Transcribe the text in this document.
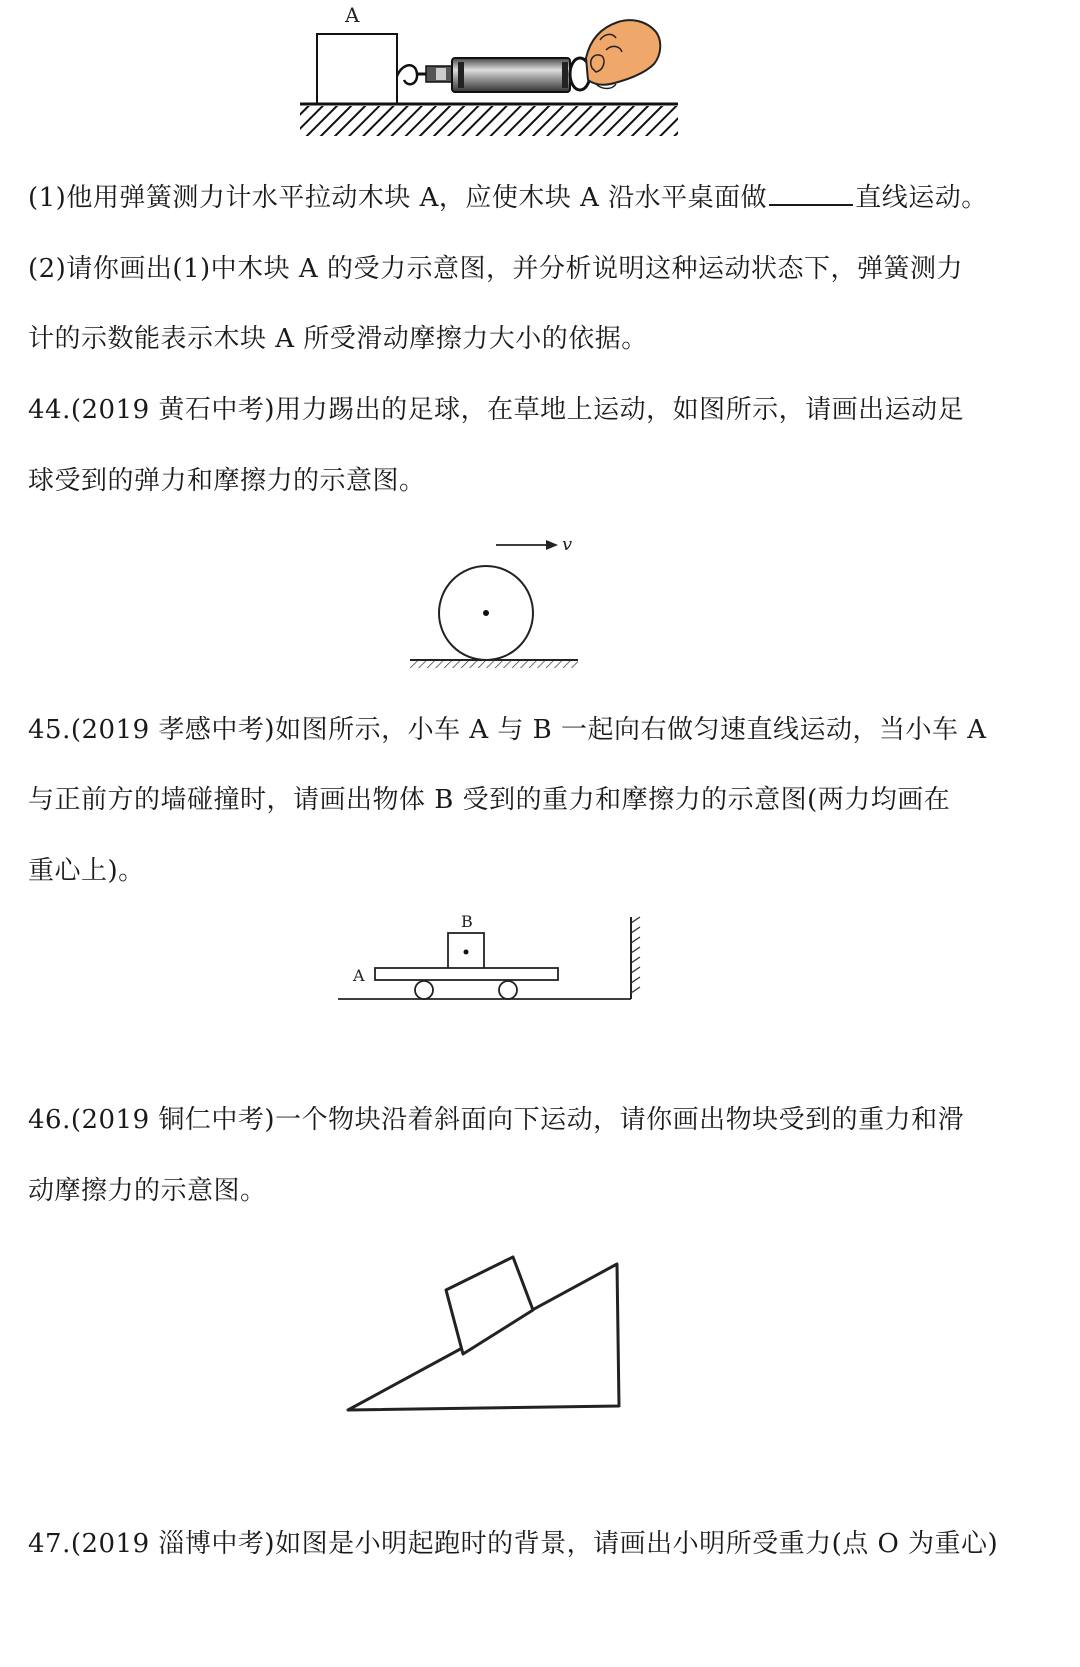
A
(1)他用弹簧测力计水平拉动木块 A，应使木块 A 沿水平桌面做	直线运动。
(2)请你画出(1)中木块 A 的受力示意图，并分析说明这种运动状态下，弹簧测力
计的示数能表示木块 A 所受滑动摩擦力大小的依据。
44.(2019 黄石中考)用力踢出的足球，在草地上运动，如图所示，请画出运动足
球受到的弹力和摩擦力的示意图。
v
45.(2019 孝感中考)如图所示，小车 A 与 B 一起向右做匀速直线运动，当小车 A
与正前方的墙碰撞时，请画出物体 B 受到的重力和摩擦力的示意图(两力均画在
重心上)。
B
A
46.(2019 铜仁中考)一个物块沿着斜面向下运动，请你画出物块受到的重力和滑
动摩擦力的示意图。
47.(2019 淄博中考)如图是小明起跑时的背景，请画出小明所受重力(点 O 为重心)
